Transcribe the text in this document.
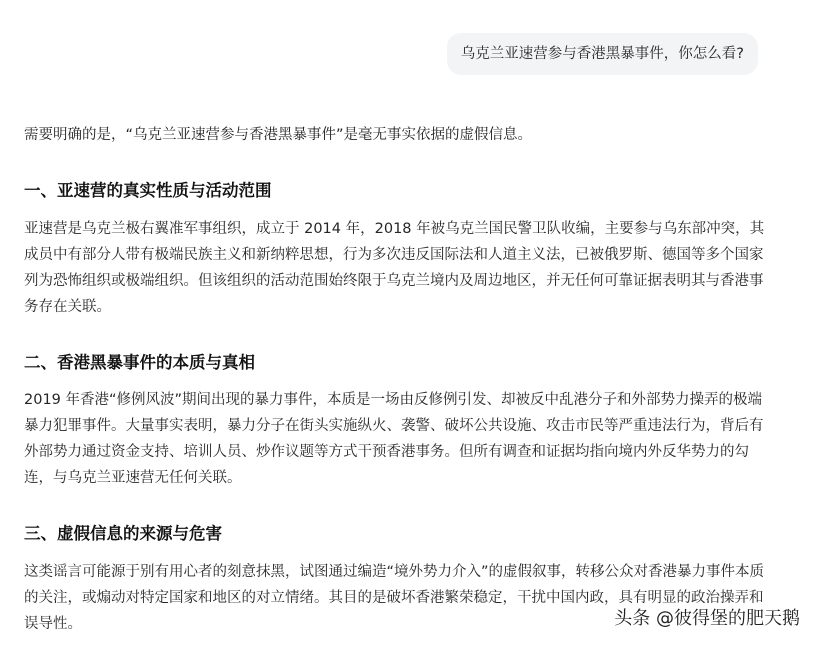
乌克兰亚速营参与香港黑暴事件，你怎么看?

需要明确的是，“乌克兰亚速营参与香港黑暴事件”是毫无事实依据的虚假信息。

一、亚速营的真实性质与活动范围

亚速营是乌克兰极右翼准军事组织，成立于 2014 年，2018 年被乌克兰国民警卫队收编，主要参与乌东部冲突，其成员中有部分人带有极端民族主义和新纳粹思想，行为多次违反国际法和人道主义法，已被俄罗斯、德国等多个国家列为恐怖组织或极端组织。但该组织的活动范围始终限于乌克兰境内及周边地区，并无任何可靠证据表明其与香港事务存在关联。

二、香港黑暴事件的本质与真相

2019 年香港“修例风波”期间出现的暴力事件，本质是一场由反修例引发、却被反中乱港分子和外部势力操弄的极端暴力犯罪事件。大量事实表明，暴力分子在街头实施纵火、袭警、破坏公共设施、攻击市民等严重违法行为，背后有外部势力通过资金支持、培训人员、炒作议题等方式干预香港事务。但所有调查和证据均指向境内外反华势力的勾连，与乌克兰亚速营无任何关联。

三、虚假信息的来源与危害

这类谣言可能源于别有用心者的刻意抹黑，试图通过编造“境外势力介入”的虚假叙事，转移公众对香港暴力事件本质的关注，或煽动对特定国家和地区的对立情绪。其目的是破坏香港繁荣稳定，干扰中国内政，具有明显的政治操弄和误导性。	头条 @彼得堡的肥天鹅
